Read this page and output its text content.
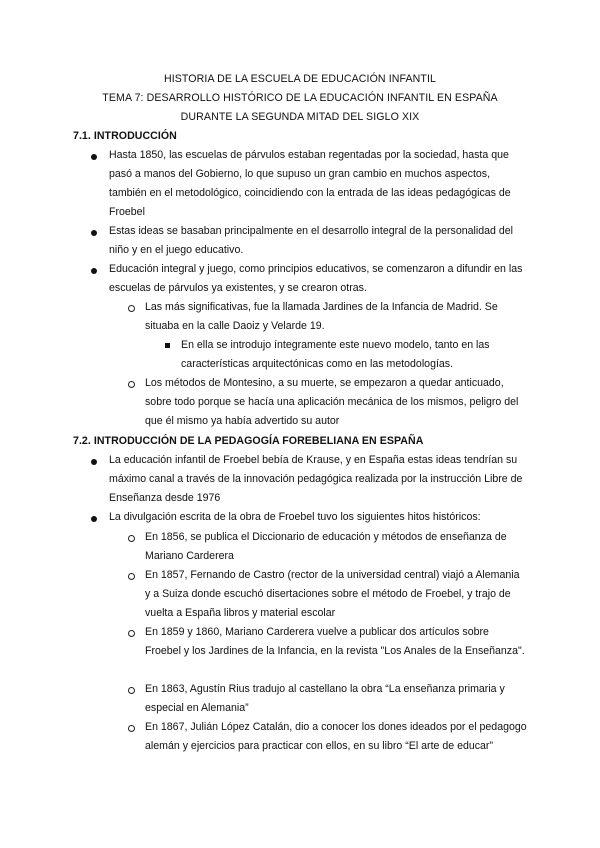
HISTORIA DE LA ESCUELA DE EDUCACIÓN INFANTIL
TEMA 7: DESARROLLO HISTÓRICO DE LA EDUCACIÓN INFANTIL EN ESPAÑA
DURANTE LA SEGUNDA MITAD DEL SIGLO XIX
7.1. INTRODUCCIÓN
Hasta 1850, las escuelas de párvulos estaban regentadas por la sociedad, hasta que pasó a manos del Gobierno, lo que supuso un gran cambio en muchos aspectos, también en el metodológico, coincidiendo con la entrada de las ideas pedagógicas de Froebel
Estas ideas se basaban principalmente en el desarrollo integral de la personalidad del niño y en el juego educativo.
Educación integral y juego, como principios educativos, se comenzaron a difundir en las escuelas de párvulos ya existentes, y se crearon otras.
Las más significativas, fue la llamada Jardines de la Infancia de Madrid. Se situaba en la calle Daoiz y Velarde 19.
En ella se introdujo íntegramente este nuevo modelo, tanto en las características arquitectónicas como en las metodologías.
Los métodos de Montesino, a su muerte, se empezaron a quedar anticuado, sobre todo porque se hacía una aplicación mecánica de los mismos, peligro del que él mismo ya había advertido su autor
7.2. INTRODUCCIÓN DE LA PEDAGOGÍA FOREBELIANA EN ESPAÑA
La educación infantil de Froebel bebía de Krause, y en España estas ideas tendrían su máximo canal a través de la innovación pedagógica realizada por la instrucción Libre de Enseñanza desde 1976
La divulgación escrita de la obra de Froebel tuvo los siguientes hitos históricos:
En 1856, se publica el Diccionario de educación y métodos de enseñanza de Mariano Carderera
En 1857, Fernando de Castro (rector de la universidad central) viajó a Alemania y a Suiza donde escuchó disertaciones sobre el método de Froebel, y trajo de vuelta a España libros y material escolar
En 1859 y 1860, Mariano Carderera vuelve a publicar dos artículos sobre Froebel y los Jardines de la Infancia, en la revista "Los Anales de la Enseñanza".
En 1863, Agustín Rius tradujo al castellano la obra “La enseñanza primaria y especial en Alemania”
En 1867, Julián López Catalán, dio a conocer los dones ideados por el pedagogo alemán y ejercicios para practicar con ellos, en su libro “El arte de educar”
